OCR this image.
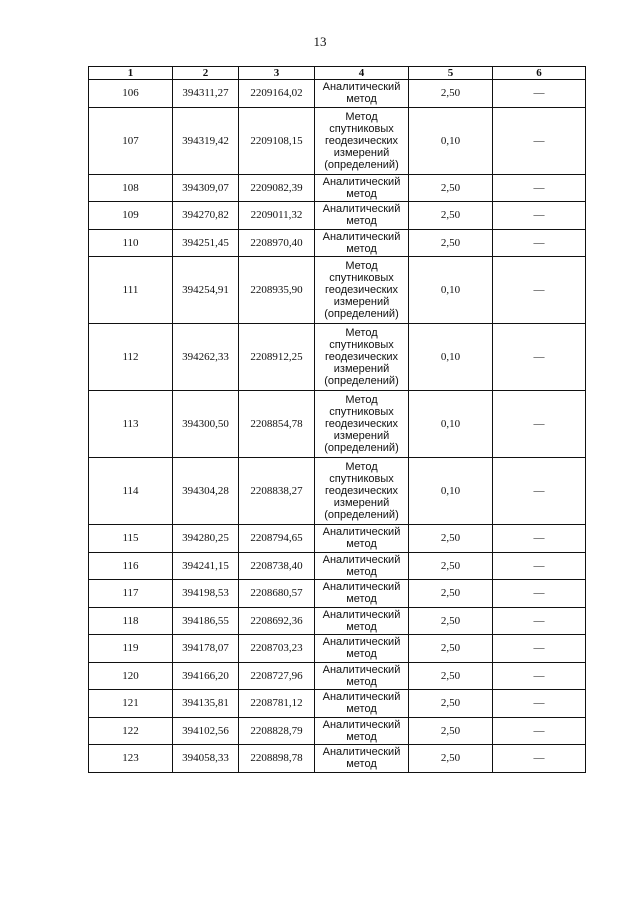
13
1	2	3	4	5	6
106	394311,27	2209164,02	Аналитический метод	2,50	—
107	394319,42	2209108,15	Метод спутниковых геодезических измерений (определений)	0,10	—
108	394309,07	2209082,39	Аналитический метод	2,50	—
109	394270,82	2209011,32	Аналитический метод	2,50	—
110	394251,45	2208970,40	Аналитический метод	2,50	—
111	394254,91	2208935,90	Метод спутниковых геодезических измерений (определений)	0,10	—
112	394262,33	2208912,25	Метод спутниковых геодезических измерений (определений)	0,10	—
113	394300,50	2208854,78	Метод спутниковых геодезических измерений (определений)	0,10	—
114	394304,28	2208838,27	Метод спутниковых геодезических измерений (определений)	0,10	—
115	394280,25	2208794,65	Аналитический метод	2,50	—
116	394241,15	2208738,40	Аналитический метод	2,50	—
117	394198,53	2208680,57	Аналитический метод	2,50	—
118	394186,55	2208692,36	Аналитический метод	2,50	—
119	394178,07	2208703,23	Аналитический метод	2,50	—
120	394166,20	2208727,96	Аналитический метод	2,50	—
121	394135,81	2208781,12	Аналитический метод	2,50	—
122	394102,56	2208828,79	Аналитический метод	2,50	—
123	394058,33	2208898,78	Аналитический метод	2,50	—
